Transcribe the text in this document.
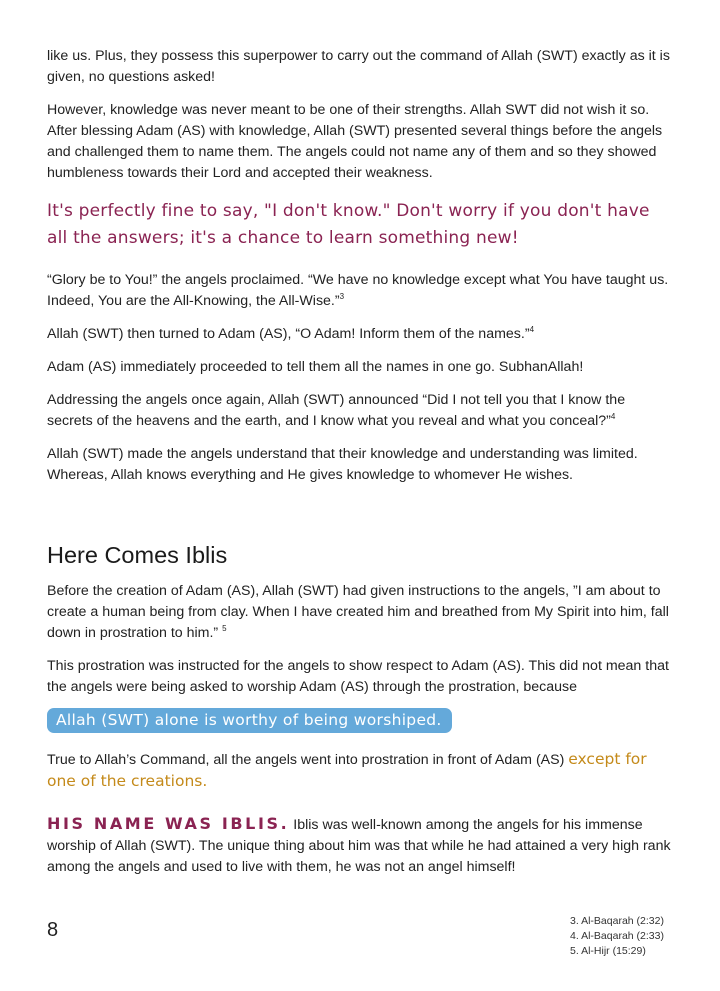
like us. Plus, they possess this superpower to carry out the command of Allah (SWT) exactly as it is given, no questions asked!

However, knowledge was never meant to be one of their strengths. Allah SWT did not wish it so. After blessing Adam (AS) with knowledge, Allah (SWT) presented several things before the angels and challenged them to name them. The angels could not name any of them and so they showed humbleness towards their Lord and accepted their weakness.

It's perfectly fine to say, "I don't know." Don't worry if you don't have all the answers; it's a chance to learn something new!

“Glory be to You!” the angels proclaimed. “We have no knowledge except what You have taught us. Indeed, You are the All-Knowing, the All-Wise.”$^3$

Allah (SWT) then turned to Adam (AS), “O Adam! Inform them of the names.”$^4$

Adam (AS) immediately proceeded to tell them all the names in one go. SubhanAllah!

Addressing the angels once again, Allah (SWT) announced “Did I not tell you that I know the secrets of the heavens and the earth, and I know what you reveal and what you conceal?”$^4$

Allah (SWT) made the angels understand that their knowledge and understanding was limited. Whereas, Allah knows everything and He gives knowledge to whomever He wishes.

Here Comes Iblis

Before the creation of Adam (AS), Allah (SWT) had given instructions to the angels, ”I am about to create a human being from clay. When I have created him and breathed from My Spirit into him, fall down in prostration to him.” $^5$

This prostration was instructed for the angels to show respect to Adam (AS). This did not mean that the angels were being asked to worship Adam (AS) through the prostration, because

Allah (SWT) alone is worthy of being worshiped.

True to Allah’s Command, all the angels went into prostration in front of Adam (AS) except for one of the creations.

HIS NAME WAS IBLIS. Iblis was well-known among the angels for his immense worship of Allah (SWT). The unique thing about him was that while he had attained a very high rank among the angels and used to live with them, he was not an angel himself!

8	3. Al-Baqarah (2:32)
4. Al-Baqarah (2:33)
5. Al-Hijr (15:29)
